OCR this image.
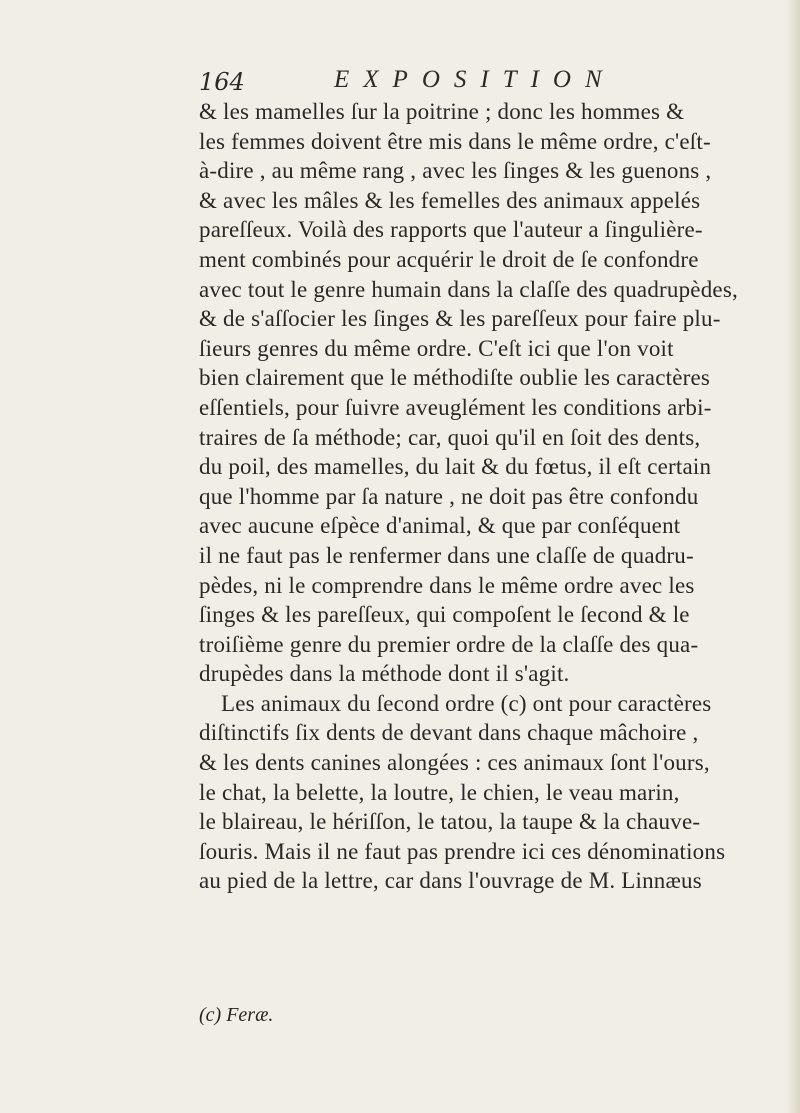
164	EXPOSITION
& les mamelles ſur la poitrine ; donc les hommes &
les femmes doivent être mis dans le même ordre, c'eſt-
à-dire , au même rang , avec les ſinges & les guenons ,
& avec les mâles & les femelles des animaux appelés
pareſſeux. Voilà des rapports que l'auteur a ſingulière-
ment combinés pour acquérir le droit de ſe confondre
avec tout le genre humain dans la claſſe des quadrupèdes,
& de s'aſſocier les ſinges & les pareſſeux pour faire plu-
ſieurs genres du même ordre. C'eſt ici que l'on voit
bien clairement que le méthodiſte oublie les caractères
eſſentiels, pour ſuivre aveuglément les conditions arbi-
traires de ſa méthode; car, quoi qu'il en ſoit des dents,
du poil, des mamelles, du lait & du fœtus, il eſt certain
que l'homme par ſa nature , ne doit pas être confondu
avec aucune eſpèce d'animal, & que par conſéquent
il ne faut pas le renfermer dans une claſſe de quadru-
pèdes, ni le comprendre dans le même ordre avec les
ſinges & les pareſſeux, qui compoſent le ſecond & le
troiſième genre du premier ordre de la claſſe des qua-
drupèdes dans la méthode dont il s'agit.
Les animaux du ſecond ordre (c) ont pour caractères
diſtinctifs ſix dents de devant dans chaque mâchoire ,
& les dents canines alongées : ces animaux ſont l'ours,
le chat, la belette, la loutre, le chien, le veau marin,
le blaireau, le hériſſon, le tatou, la taupe & la chauve-
ſouris. Mais il ne faut pas prendre ici ces dénominations
au pied de la lettre, car dans l'ouvrage de M. Linnæus
(c) Feræ.
